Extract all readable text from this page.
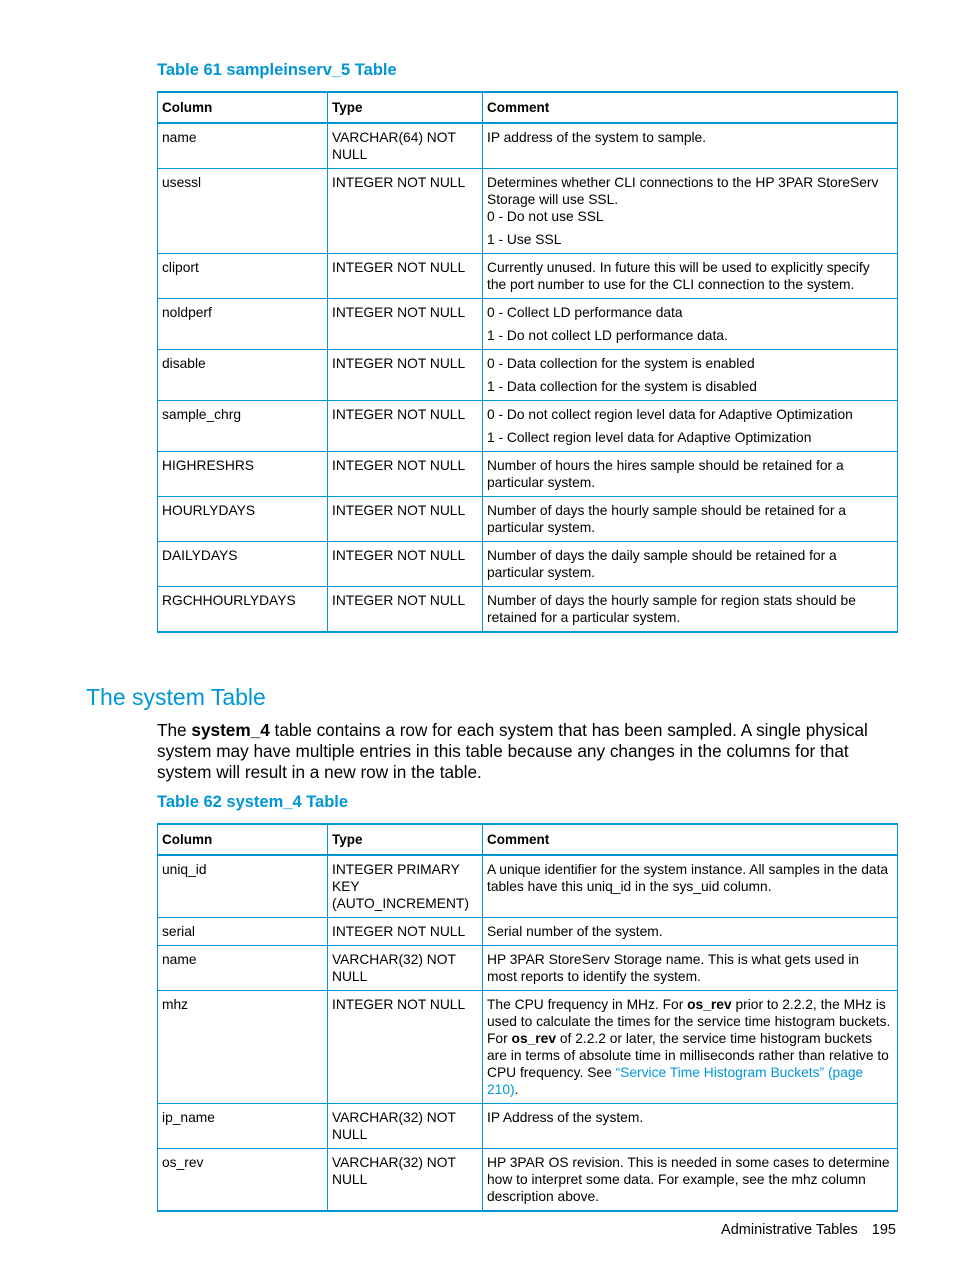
Table 61 sampleinserv_5 Table
Column	Type	Comment
name	VARCHAR(64) NOT NULL	IP address of the system to sample.

usessl	INTEGER NOT NULL	Determines whether CLI connections to the HP 3PAR StoreServ Storage will use SSL.
0 - Do not use SSL

1 - Use SSL

cliport	INTEGER NOT NULL	Currently unused. In future this will be used to explicitly specify the port number to use for the CLI connection to the system.

noldperf	INTEGER NOT NULL	0 - Collect LD performance data

1 - Do not collect LD performance data.

disable	INTEGER NOT NULL	0 - Data collection for the system is enabled

1 - Data collection for the system is disabled

sample_chrg	INTEGER NOT NULL	0 - Do not collect region level data for Adaptive Optimization

1 - Collect region level data for Adaptive Optimization

HIGHRESHRS	INTEGER NOT NULL	Number of hours the hires sample should be retained for a particular system.

HOURLYDAYS	INTEGER NOT NULL	Number of days the hourly sample should be retained for a particular system.

DAILYDAYS	INTEGER NOT NULL	Number of days the daily sample should be retained for a particular system.

RGCHHOURLYDAYS	INTEGER NOT NULL	Number of days the hourly sample for region stats should be retained for a particular system.

The system Table

The system_4 table contains a row for each system that has been sampled. A single physical system may have multiple entries in this table because any changes in the columns for that system will result in a new row in the table.

Table 62 system_4 Table
Column	Type	Comment
uniq_id	INTEGER PRIMARY KEY (AUTO_INCREMENT)	A unique identifier for the system instance. All samples in the data tables have this uniq_id in the sys_uid column.

serial	INTEGER NOT NULL	Serial number of the system.

name	VARCHAR(32) NOT NULL	HP 3PAR StoreServ Storage name. This is what gets used in most reports to identify the system.

mhz	INTEGER NOT NULL	The CPU frequency in MHz. For os_rev prior to 2.2.2, the MHz is used to calculate the times for the service time histogram buckets. For os_rev of 2.2.2 or later, the service time histogram buckets are in terms of absolute time in milliseconds rather than relative to CPU frequency. See “Service Time Histogram Buckets” (page 210).

ip_name	VARCHAR(32) NOT NULL	IP Address of the system.

os_rev	VARCHAR(32) NOT NULL	HP 3PAR OS revision. This is needed in some cases to determine how to interpret some data. For example, see the mhz column description above.

Administrative Tables 195
